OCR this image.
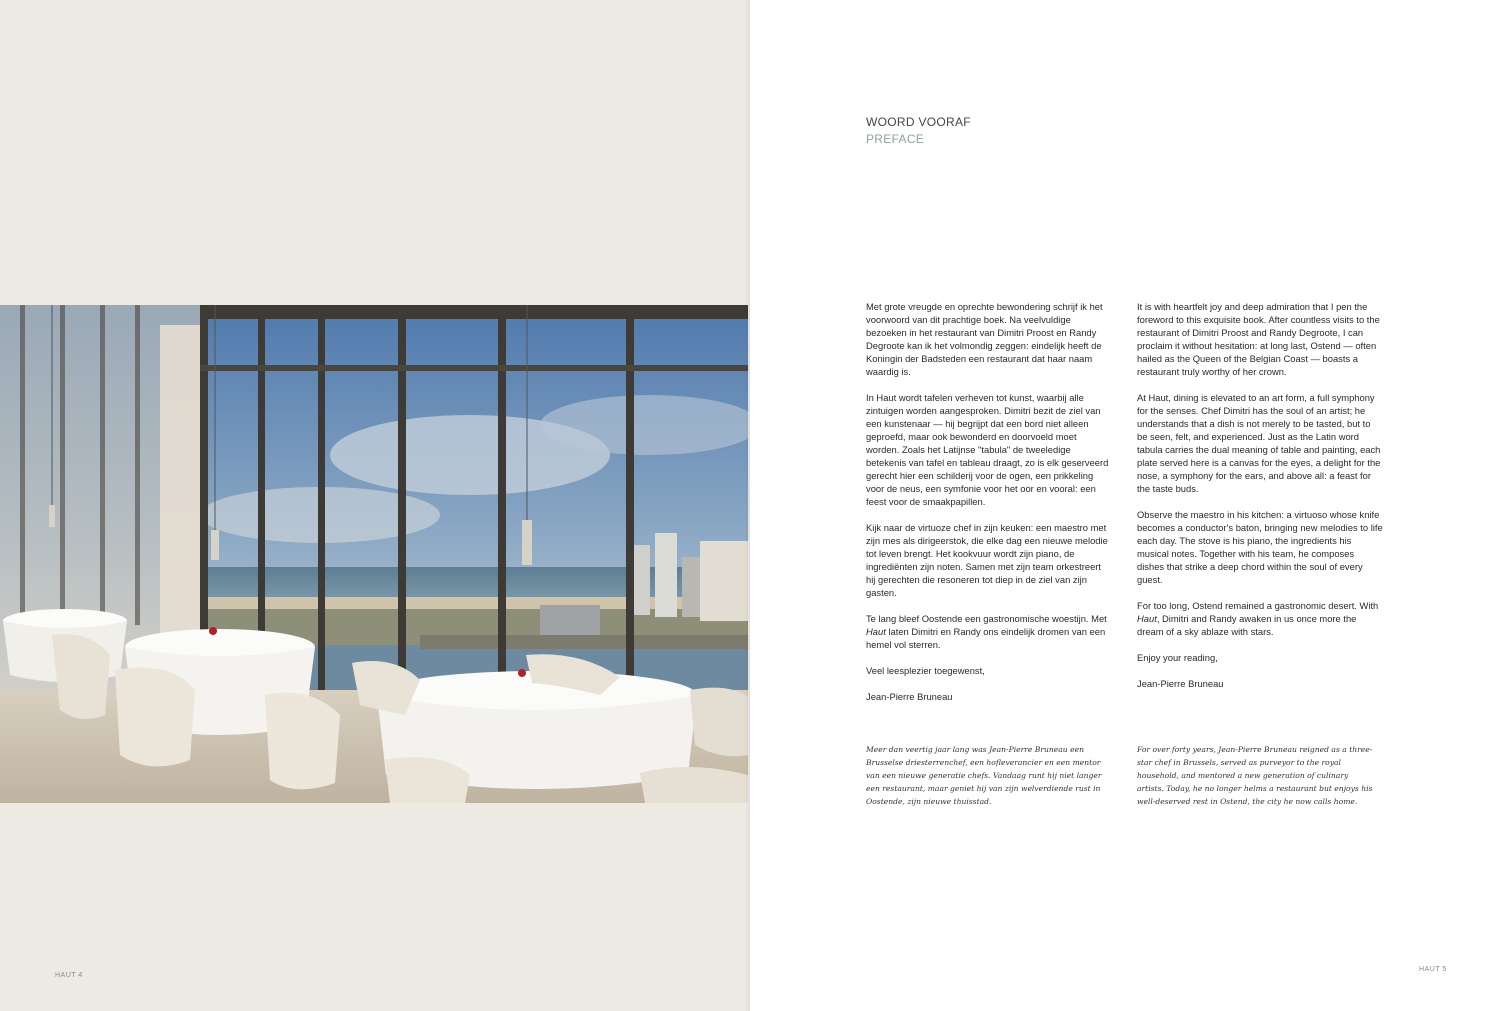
HAUT 4
WOORD VOORAF
PREFACE

Met grote vreugde en oprechte bewondering schrijf ik het voorwoord van dit prachtige boek. Na veelvuldige bezoeken in het restaurant van Dimitri Proost en Randy Degroote kan ik het volmondig zeggen: eindelijk heeft de Koningin der Badsteden een restaurant dat haar naam waardig is.

In Haut wordt tafelen verheven tot kunst, waarbij alle zintuigen worden aangesproken. Dimitri bezit de ziel van een kunstenaar — hij begrijpt dat een bord niet alleen geproefd, maar ook bewonderd en doorvoeld moet worden. Zoals het Latijnse "tabula" de tweeledige betekenis van tafel en tableau draagt, zo is elk geserveerd gerecht hier een schilderij voor de ogen, een prikkeling voor de neus, een symfonie voor het oor en vooral: een feest voor de smaakpapillen.

Kijk naar de virtuoze chef in zijn keuken: een maestro met zijn mes als dirigeerstok, die elke dag een nieuwe melodie tot leven brengt. Het kookvuur wordt zijn piano, de ingrediënten zijn noten. Samen met zijn team orkestreert hij gerechten die resoneren tot diep in de ziel van zijn gasten.

Te lang bleef Oostende een gastronomische woestijn. Met Haut laten Dimitri en Randy ons eindelijk dromen van een hemel vol sterren.

Veel leesplezier toegewenst,

Jean-Pierre Bruneau

It is with heartfelt joy and deep admiration that I pen the foreword to this exquisite book. After countless visits to the restaurant of Dimitri Proost and Randy Degroote, I can proclaim it without hesitation: at long last, Ostend — often hailed as the Queen of the Belgian Coast — boasts a restaurant truly worthy of her crown.

At Haut, dining is elevated to an art form, a full symphony for the senses. Chef Dimitri has the soul of an artist; he understands that a dish is not merely to be tasted, but to be seen, felt, and experienced. Just as the Latin word tabula carries the dual meaning of table and painting, each plate served here is a canvas for the eyes, a delight for the nose, a symphony for the ears, and above all: a feast for the taste buds.

Observe the maestro in his kitchen: a virtuoso whose knife becomes a conductor's baton, bringing new melodies to life each day. The stove is his piano, the ingredients his musical notes. Together with his team, he composes dishes that strike a deep chord within the soul of every guest.

For too long, Ostend remained a gastronomic desert. With Haut, Dimitri and Randy awaken in us once more the dream of a sky ablaze with stars.

Enjoy your reading,

Jean-Pierre Bruneau

Meer dan veertig jaar lang was Jean-Pierre Bruneau een Brusselse driesterrenchef, een hofleverancier en een mentor van een nieuwe generatie chefs. Vandaag runt hij niet langer een restaurant, maar geniet hij van zijn welverdiende rust in Oostende, zijn nieuwe thuisstad.
For over forty years, Jean-Pierre Bruneau reigned as a three-star chef in Brussels, served as purveyor to the royal household, and mentored a new generation of culinary artists. Today, he no longer helms a restaurant but enjoys his well-deserved rest in Ostend, the city he now calls home.
HAUT 5
